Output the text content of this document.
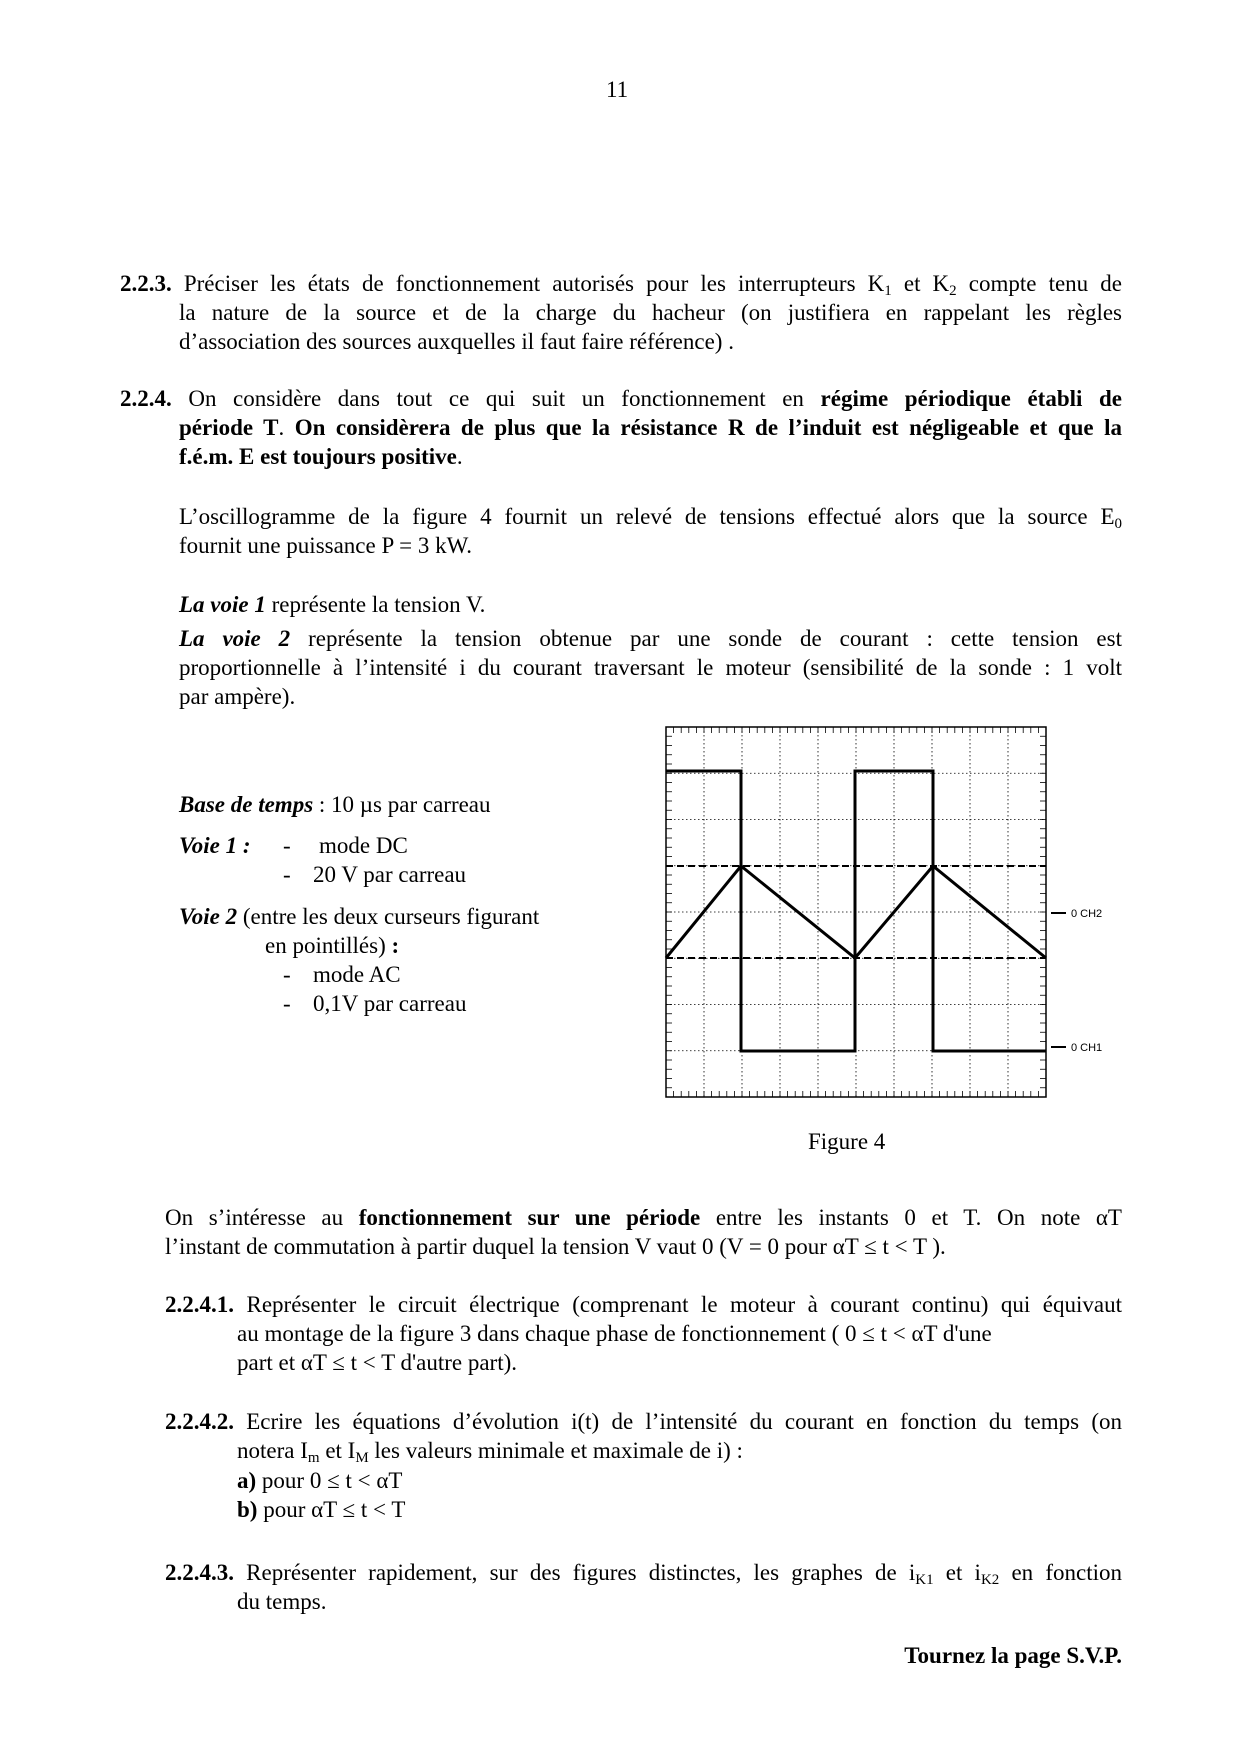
11
2.2.3. Préciser les états de fonctionnement autorisés pour les interrupteurs $K_1$ et $K_2$ compte tenu de
la nature de la source et de la charge du hacheur (on justifiera en rappelant les règles
d’association des sources auxquelles il faut faire référence) .
2.2.4. On considère dans tout ce qui suit un fonctionnement en régime périodique établi de
période T. On considèrera de plus que la résistance R de l’induit est négligeable et que la
f.é.m. E est toujours positive.
L’oscillogramme de la figure 4 fournit un relevé de tensions effectué alors que la source $E_0$
fournit une puissance P = 3 kW.
La voie 1 représente la tension V.
La voie 2 représente la tension obtenue par une sonde de courant : cette tension est
proportionnelle à l’intensité i du courant traversant le moteur (sensibilité de la sonde : 1 volt
par ampère).
Base de temps : 10 µs par carreau
Voie 1 : - mode DC
- 20 V par carreau
Voie 2 (entre les deux curseurs figurant
en pointillés) :
- mode AC
- 0,1V par carreau
0 CH2
0 CH1
Figure 4
On s’intéresse au fonctionnement sur une période entre les instants 0 et T. On note αT
l’instant de commutation à partir duquel la tension V vaut 0 (V = 0 pour αT ≤ t < T ).
2.2.4.1. Représenter le circuit électrique (comprenant le moteur à courant continu) qui équivaut
au montage de la figure 3 dans chaque phase de fonctionnement ( 0 ≤ t < αT d'une
part et αT ≤ t < T d'autre part).
2.2.4.2. Ecrire les équations d’évolution i(t) de l’intensité du courant en fonction du temps (on
notera $I_m$ et $I_M$ les valeurs minimale et maximale de i) :
a) pour 0 ≤ t < αT
b) pour αT ≤ t < T
2.2.4.3. Représenter rapidement, sur des figures distinctes, les graphes de $i_{K1}$ et $i_{K2}$ en fonction
du temps.
Tournez la page S.V.P.
